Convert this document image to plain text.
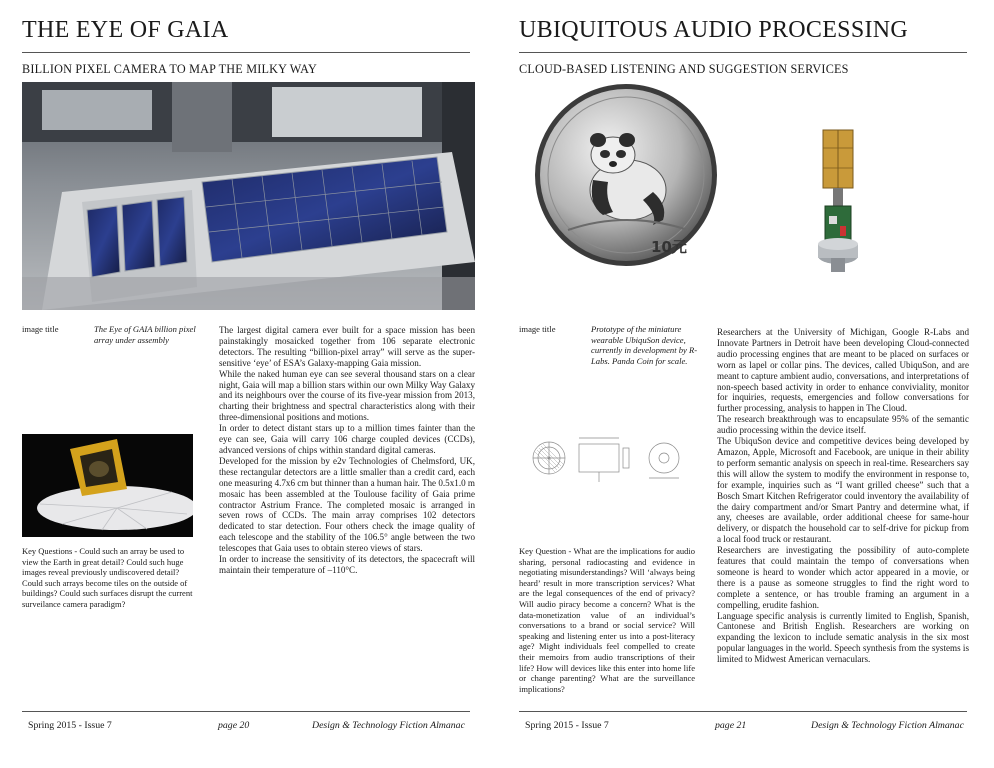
THE EYE OF GAIA
BILLION PIXEL CAMERA TO MAP THE MILKY WAY
image title	The Eye of GAIA billion pixel array under assembly
Key Questions - Could such an array be used to view the Earth in great detail? Could such huge images reveal previously undiscovered detail? Could such arrays become tiles on the outside of buildings? Could such surfaces disrupt the current surveilance camera paradigm?

The largest digital camera ever built for a space mission has been painstakingly mosaicked together from 106 separate electronic detectors. The resulting “billion-pixel array” will serve as the super-sensitive ‘eye’ of ESA’s Galaxy-mapping Gaia mission.

While the naked human eye can see several thousand stars on a clear night, Gaia will map a billion stars within our own Milky Way Galaxy and its neighbours over the course of its five-year mission from 2013, charting their brightness and spectral characteristics along with their three-dimensional positions and motions.

In order to detect distant stars up to a million times fainter than the eye can see, Gaia will carry 106 charge coupled devices (CCDs), advanced versions of chips within standard digital cameras.

Developed for the mission by e2v Technologies of Chelmsford, UK, these rectangular detectors are a little smaller than a credit card, each one measuring 4.7x6 cm but thinner than a human hair. The 0.5x1.0 m mosaic has been assembled at the Toulouse facility of Gaia prime contractor Astrium France. The completed mosaic is arranged in seven rows of CCDs. The main array comprises 102 detectors dedicated to star detection. Four others check the image quality of each telescope and the stability of the 106.5° angle between the two telescopes that Gaia uses to obtain stereo views of stars.

In order to increase the sensitivity of its detectors, the spacecraft will maintain their temperature of –110°C.

Spring 2015 - Issue 7	page 20	Design & Technology Fiction Almanac
UBIQUITOUS AUDIO PROCESSING
CLOUD-BASED LISTENING AND SUGGESTION SERVICES
10元
image title	Prototype of the miniature wearable UbiquSon device, currently in development by R-Labs. Panda Coin for scale.
Key Question - What are the implications for audio sharing, personal radiocasting and evidence in negotiating misunderstandings? Will ‘always being heard’ result in more transcription services? What are the legal consequences of the end of privacy? Will audio piracy become a concern? What is the data-monetization value of an individual’s conversations to a brand or social service? Will speaking and listening enter us into a post-literacy age? Might individuals feel compelled to create their memoirs from audio transcriptions of their life? How will devices like this enter into home life or change parenting? What are the surveillance implications?

Researchers at the University of Michigan, Google R-Labs and Innovate Partners in Detroit have been developing Cloud-connected audio processing engines that are meant to be placed on surfaces or worn as lapel or collar pins. The devices, called UbiquSon, and are meant to capture ambient audio, conversations, and interpretations of non-speech based activity in order to enhance conviviality, monitor for inquiries, requests, emergencies and follow conversations for further processing, analysis to happen in The Cloud.

The research breakthrough was to encapsulate 95% of the semantic audio processing within the device itself.

The UbiquSon device and competitive devices being developed by Amazon, Apple, Microsoft and Facebook, are unique in their ability to perform semantic analysis on speech in real-time. Researchers say this will allow the system to modify the environment in response to, for example, inquiries such as “I want grilled cheese” such that a Bosch Smart Kitchen Refrigerator could inventory the availability of the dairy compartment and/or Smart Pantry and determine what, if any, cheeses are available, order additional cheese for same-hour delivery, or dispatch the household car to self-drive for pickup from a local food truck or restaurant.

Researchers are investigating the possibility of auto-complete features that could maintain the tempo of conversations when someone is heard to wonder which actor appeared in a movie, or there is a pause as someone struggles to find the right word to complete a sentence, or has trouble framing an argument in a compelling, erudite fashion.

Language specific analysis is currently limited to English, Spanish, Cantonese and British English. Researchers are working on expanding the lexicon to include sematic analysis in the six most popular languages in the world. Speech synthesis from the systems is limited to Midwest American vernaculars.

Spring 2015 - Issue 7	page 21	Design & Technology Fiction Almanac
